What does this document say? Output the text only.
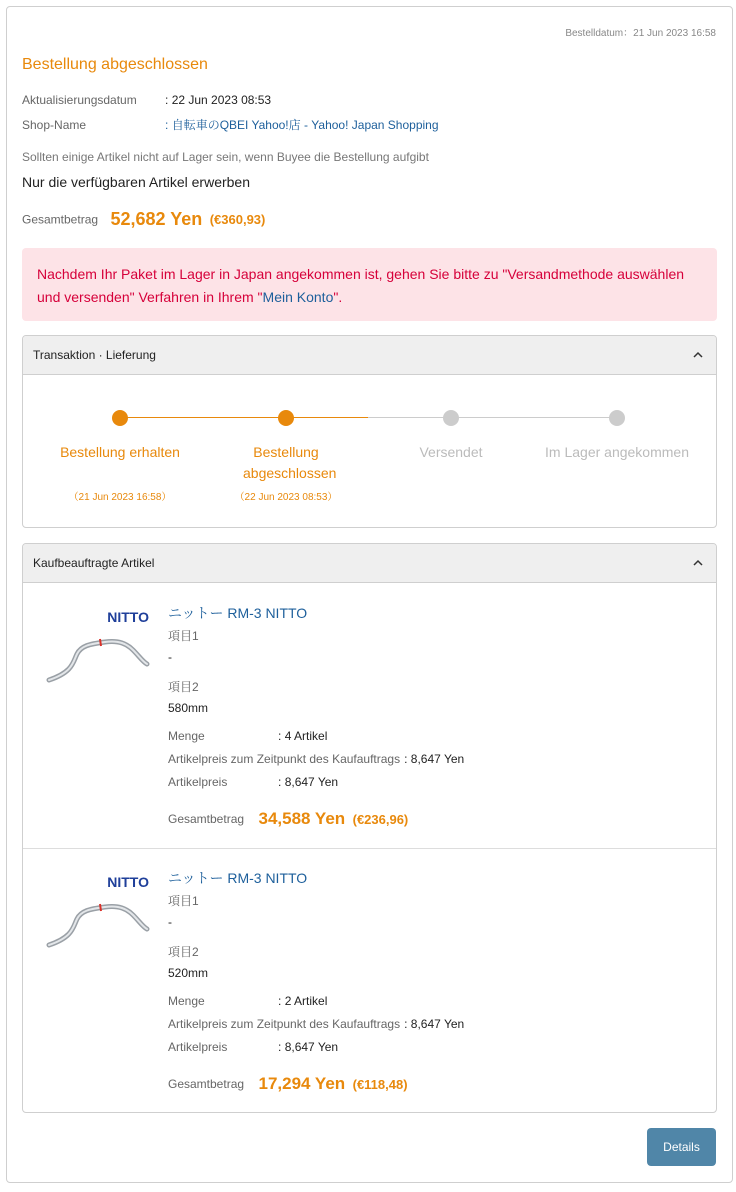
Bestelldatum：21 Jun 2023 16:58
Bestellung abgeschlossen
Aktualisierungsdatum : 22 Jun 2023 08:53
Shop-Name	: 自転車のQBEI Yahoo!店 - Yahoo! Japan Shopping
Sollten einige Artikel nicht auf Lager sein, wenn Buyee die Bestellung aufgibt
Nur die verfügbaren Artikel erwerben
Gesamtbetrag 52,682 Yen (€360,93)
Nachdem Ihr Paket im Lager in Japan angekommen ist, gehen Sie bitte zu "Versandmethode auswählen und versenden" Verfahren in Ihrem "Mein Konto".
Transaktion · Lieferung
Bestellung erhalten	Bestellung abgeschlossen
Versendet	Im Lager angekommen
（21 Jun 2023 16:58）	（22 Jun 2023 08:53）
Kaufbeauftragte Artikel
NITTO ニットー RM-3 NITTO
項目1
-
項目2
580mm
Menge	: 4 Artikel
Artikelpreis zum Zeitpunkt des Kaufauftrags : 8,647 Yen
Artikelpreis	: 8,647 Yen
Gesamtbetrag 34,588 Yen (€236,96)
NITTO ニットー RM-3 NITTO
項目1
-
項目2
520mm
Menge	: 2 Artikel
Artikelpreis zum Zeitpunkt des Kaufauftrags : 8,647 Yen
Artikelpreis	: 8,647 Yen
Gesamtbetrag 17,294 Yen (€118,48)
Details
